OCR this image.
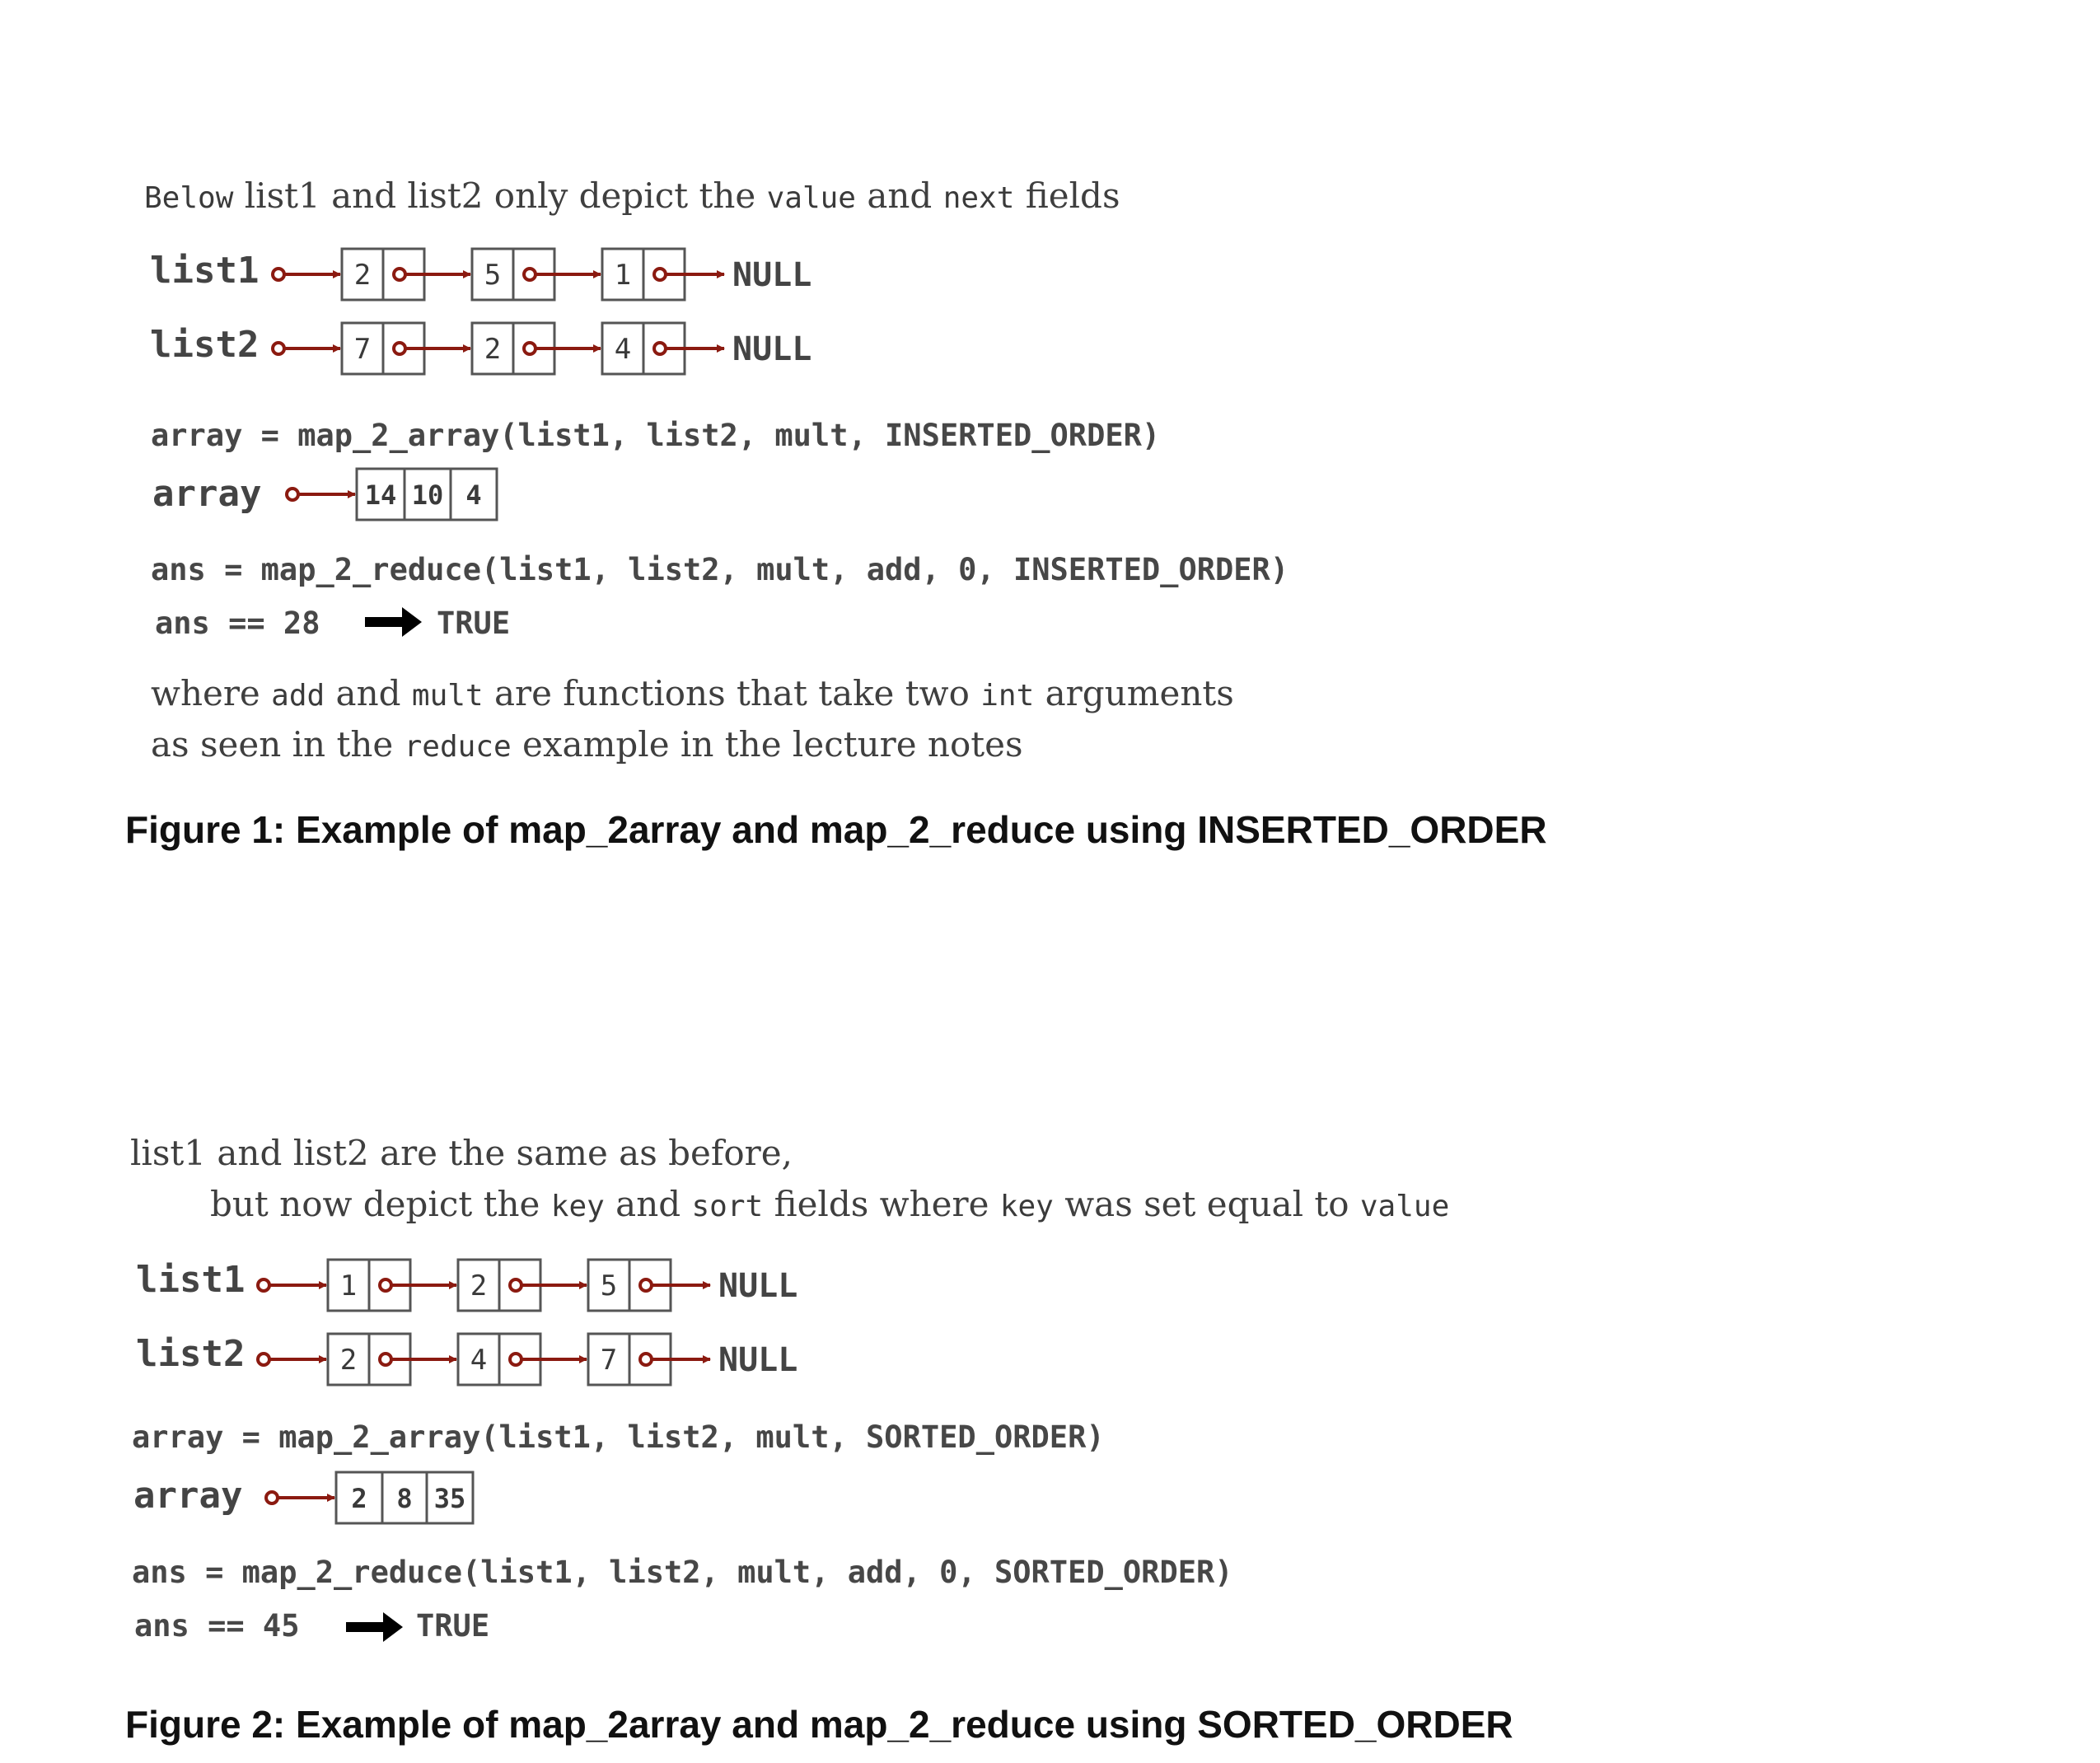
Below list1 and list2 only depict the value and next fields
list1
list2
2	5	1	NULL
7	2	4	NULL
14 10 4
1	2	5	NULL
2	4	7	NULL
2 8 35
array = map_2_array(list1, list2, mult, INSERTED_ORDER)
array
ans = map_2_reduce(list1, list2, mult, add, 0, INSERTED_ORDER)
ans == 28	TRUE
where add and mult are functions that take two int arguments
as seen in the reduce example in the lecture notes
Figure 1: Example of map_2array and map_2_reduce using INSERTED_ORDER
list1 and list2 are the same as before,
but now depict the key and sort fields where key was set equal to value
list1
list2
array = map_2_array(list1, list2, mult, SORTED_ORDER)
array
ans = map_2_reduce(list1, list2, mult, add, 0, SORTED_ORDER)
ans == 45	TRUE
Figure 2: Example of map_2array and map_2_reduce using SORTED_ORDER
